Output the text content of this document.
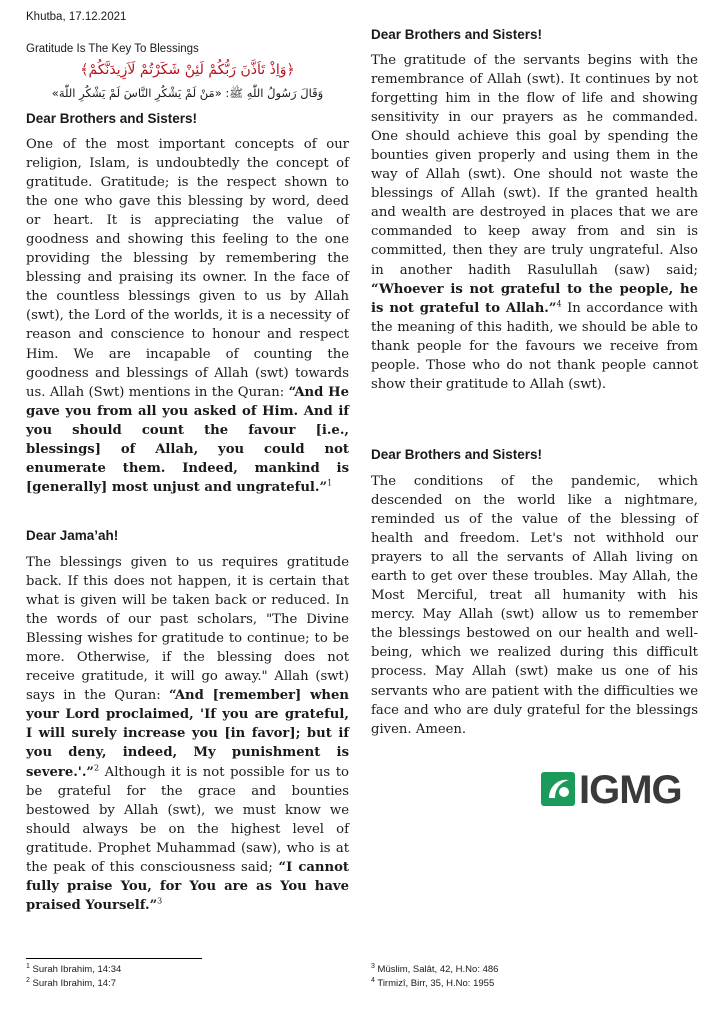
Khutba, 17.12.2021
Gratitude Is The Key To Blessings
﴿وَاِذْ تَاَذَّنَ رَبُّكُمْ لَئِنْ شَكَرْتُمْ لَاَزِيدَنَّكُمْ﴾
وَقَالَ رَسُولُ اللّٰهِ ﷺ: «مَنْ لَمْ يَشْكُرِ النَّاسَ لَمْ يَشْكُرِ اللّٰهَ»
Dear Brothers and Sisters!
One of the most important concepts of our religion, Islam, is undoubtedly the concept of gratitude. Gratitude; is the respect shown to the one who gave this blessing by word, deed or heart. It is appreciating the value of goodness and showing this feeling to the one providing the blessing by remembering the blessing and praising its owner. In the face of the countless blessings given to us by Allah (swt), the Lord of the worlds, it is a necessity of reason and conscience to honour and respect Him. We are incapable of counting the goodness and blessings of Allah (swt) towards us. Allah (Swt) mentions in the Quran: “And He gave you from all you asked of Him. And if you should count the favour [i.e., blessings] of Allah, you could not enumerate them. Indeed, mankind is [generally] most unjust and ungrateful.”$^1$
Dear Jama’ah!
The blessings given to us requires gratitude back. If this does not happen, it is certain that what is given will be taken back or reduced. In the words of our past scholars, "The Divine Blessing wishes for gratitude to continue; to be more. Otherwise, if the blessing does not receive gratitude, it will go away." Allah (swt) says in the Quran: “And [remember] when your Lord proclaimed, 'If you are grateful, I will surely increase you [in favor]; but if you deny, indeed, My punishment is severe.'.”$^2$ Although it is not possible for us to be grateful for the grace and bounties bestowed by Allah (swt), we must know we should always be on the highest level of gratitude. Prophet Muhammad (saw), who is at the peak of this consciousness said; “I cannot fully praise You, for You are as You have praised Yourself.”$^3$
Dear Brothers and Sisters!
The gratitude of the servants begins with the remembrance of Allah (swt). It continues by not forgetting him in the flow of life and showing sensitivity in our prayers as he commanded. One should achieve this goal by spending the bounties given properly and using them in the way of Allah (swt). One should not waste the blessings of Allah (swt). If the granted health and wealth are destroyed in places that we are commanded to keep away from and sin is committed, then they are truly ungrateful. Also in another hadith Rasulullah (saw) said; “Whoever is not grateful to the people, he is not grateful to Allah.”$^4$ In accordance with the meaning of this hadith, we should be able to thank people for the favours we receive from people. Those who do not thank people cannot show their gratitude to Allah (swt).
Dear Brothers and Sisters!
The conditions of the pandemic, which descended on the world like a nightmare, reminded us of the value of the blessing of health and freedom. Let's not withhold our prayers to all the servants of Allah living on earth to get over these troubles. May Allah, the Most Merciful, treat all humanity with his mercy. May Allah (swt) allow us to remember the blessings bestowed on our health and well-being, which we realized during this difficult process. May Allah (swt) make us one of his servants who are patient with the difficulties we face and who are duly grateful for the blessings given. Ameen.
IGMG
$^1$ Surah Ibrahim, 14:34
$^2$ Surah Ibrahim, 14:7
$^3$ Müslim, Salât, 42, H.No: 486
$^4$ Tirmizî, Birr, 35, H.No: 1955
